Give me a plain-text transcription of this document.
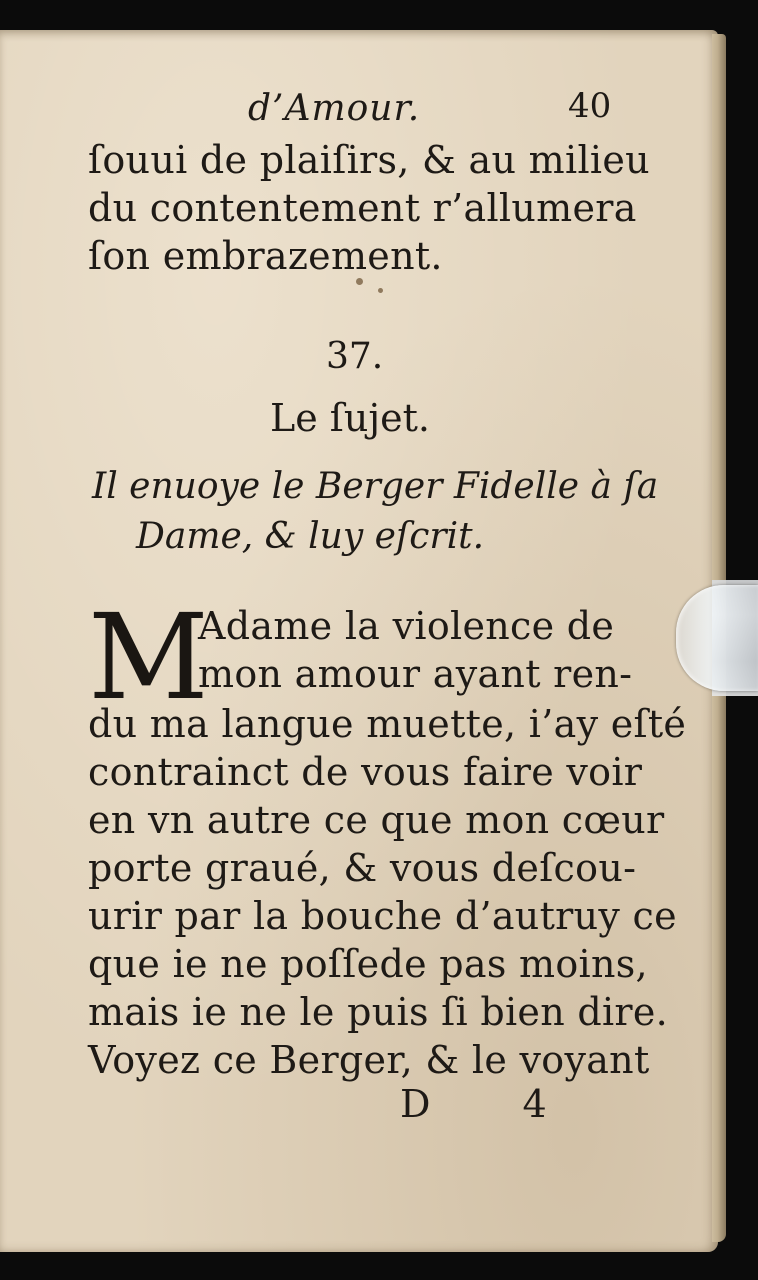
d’Amour.	40
ſouui de plaiſirs, & au milieu
du contentement r’allumera
ſon embrazement.
37.
Le ſujet.
Il enuoye le Berger Fidelle à ſa
Dame, & luy eſcrit.
M
Adame la violence de
mon amour ayant ren-
du ma langue muette, i’ay eſté
contrainct de vous faire voir
en vn autre ce que mon cœur
porte graué, & vous deſcou-
urir par la bouche d’autruy ce
que ie ne poſſede pas moins,
mais ie ne le puis ſi bien dire.
Voyez ce Berger, & le voyant
D 4
